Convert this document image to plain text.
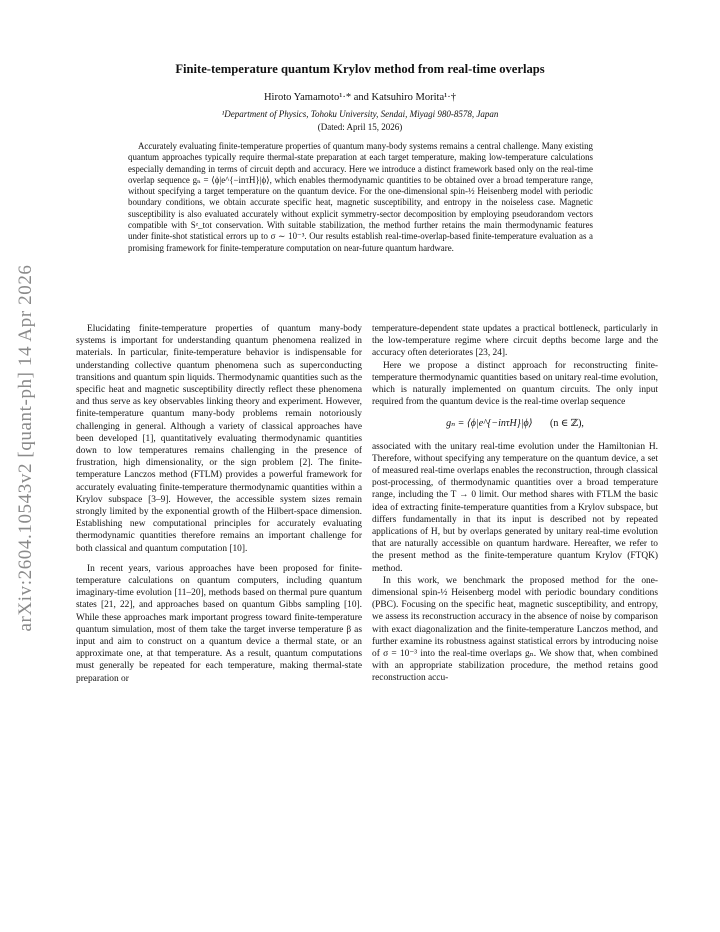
arXiv:2604.10543v2 [quant-ph] 14 Apr 2026
Finite-temperature quantum Krylov method from real-time overlaps
Hiroto Yamamoto¹·* and Katsuhiro Morita¹·†
¹Department of Physics, Tohoku University, Sendai, Miyagi 980-8578, Japan
(Dated: April 15, 2026)

Accurately evaluating finite-temperature properties of quantum many-body systems remains a central challenge. Many existing quantum approaches typically require thermal-state preparation at each target temperature, making low-temperature calculations especially demanding in terms of circuit depth and accuracy. Here we introduce a distinct framework based only on the real-time overlap sequence gₙ = ⟨ϕ|e^{−inτH}|ϕ⟩, which enables thermodynamic quantities to be obtained over a broad temperature range, without specifying a target temperature on the quantum device. For the one-dimensional spin-½ Heisenberg model with periodic boundary conditions, we obtain accurate specific heat, magnetic susceptibility, and entropy in the noiseless case. Magnetic susceptibility is also evaluated accurately without explicit symmetry-sector decomposition by employing pseudorandom vectors compatible with Sᶻ_tot conservation. With suitable stabilization, the method further retains the main thermodynamic features under finite-shot statistical errors up to σ ∼ 10⁻³. Our results establish real-time-overlap-based finite-temperature evaluation as a promising framework for finite-temperature computation on near-future quantum hardware.

Elucidating finite-temperature properties of quantum many-body systems is important for understanding quantum phenomena realized in materials. In particular, finite-temperature behavior is indispensable for understanding collective quantum phenomena such as superconducting transitions and quantum spin liquids. Thermodynamic quantities such as the specific heat and magnetic susceptibility directly reflect these phenomena and thus serve as key observables linking theory and experiment. However, finite-temperature quantum many-body problems remain notoriously challenging in general. Although a variety of classical approaches have been developed [1], quantitatively evaluating thermodynamic quantities down to low temperatures remains challenging in the presence of frustration, high dimensionality, or the sign problem [2]. The finite-temperature Lanczos method (FTLM) provides a powerful framework for accurately evaluating finite-temperature thermodynamic quantities within a Krylov subspace [3–9]. However, the accessible system sizes remain strongly limited by the exponential growth of the Hilbert-space dimension. Establishing new computational principles for accurately evaluating thermodynamic quantities therefore remains an important challenge for both classical and quantum computation [10].

In recent years, various approaches have been proposed for finite-temperature calculations on quantum computers, including quantum imaginary-time evolution [11–20], methods based on thermal pure quantum states [21, 22], and approaches based on quantum Gibbs sampling [10]. While these approaches mark important progress toward finite-temperature quantum simulation, most of them take the target inverse temperature β as input and aim to construct on a quantum device a thermal state, or an approximate one, at that temperature. As a result, quantum computations must generally be repeated for each temperature, making thermal-state preparation or

temperature-dependent state updates a practical bottleneck, particularly in the low-temperature regime where circuit depths become large and the accuracy often deteriorates [23, 24].

Here we propose a distinct approach for reconstructing finite-temperature thermodynamic quantities based on unitary real-time evolution, which is naturally implemented on quantum circuits. The only input required from the quantum device is the real-time overlap sequence

gₙ = ⟨ϕ|e^{−inτH}|ϕ⟩ (n ∈ ℤ),

associated with the unitary real-time evolution under the Hamiltonian H. Therefore, without specifying any temperature on the quantum device, a set of measured real-time overlaps enables the reconstruction, through classical post-processing, of thermodynamic quantities over a broad temperature range, including the T → 0 limit. Our method shares with FTLM the basic idea of extracting finite-temperature quantities from a Krylov subspace, but differs fundamentally in that its input is described not by repeated applications of H, but by overlaps generated by unitary real-time evolution that are naturally accessible on quantum hardware. Hereafter, we refer to the present method as the finite-temperature quantum Krylov (FTQK) method.

In this work, we benchmark the proposed method for the one-dimensional spin-½ Heisenberg model with periodic boundary conditions (PBC). Focusing on the specific heat, magnetic susceptibility, and entropy, we assess its reconstruction accuracy in the absence of noise by comparison with exact diagonalization and the finite-temperature Lanczos method, and further examine its robustness against statistical errors by introducing noise of σ = 10⁻³ into the real-time overlaps gₙ. We show that, when combined with an appropriate stabilization procedure, the method retains good reconstruction accu-
